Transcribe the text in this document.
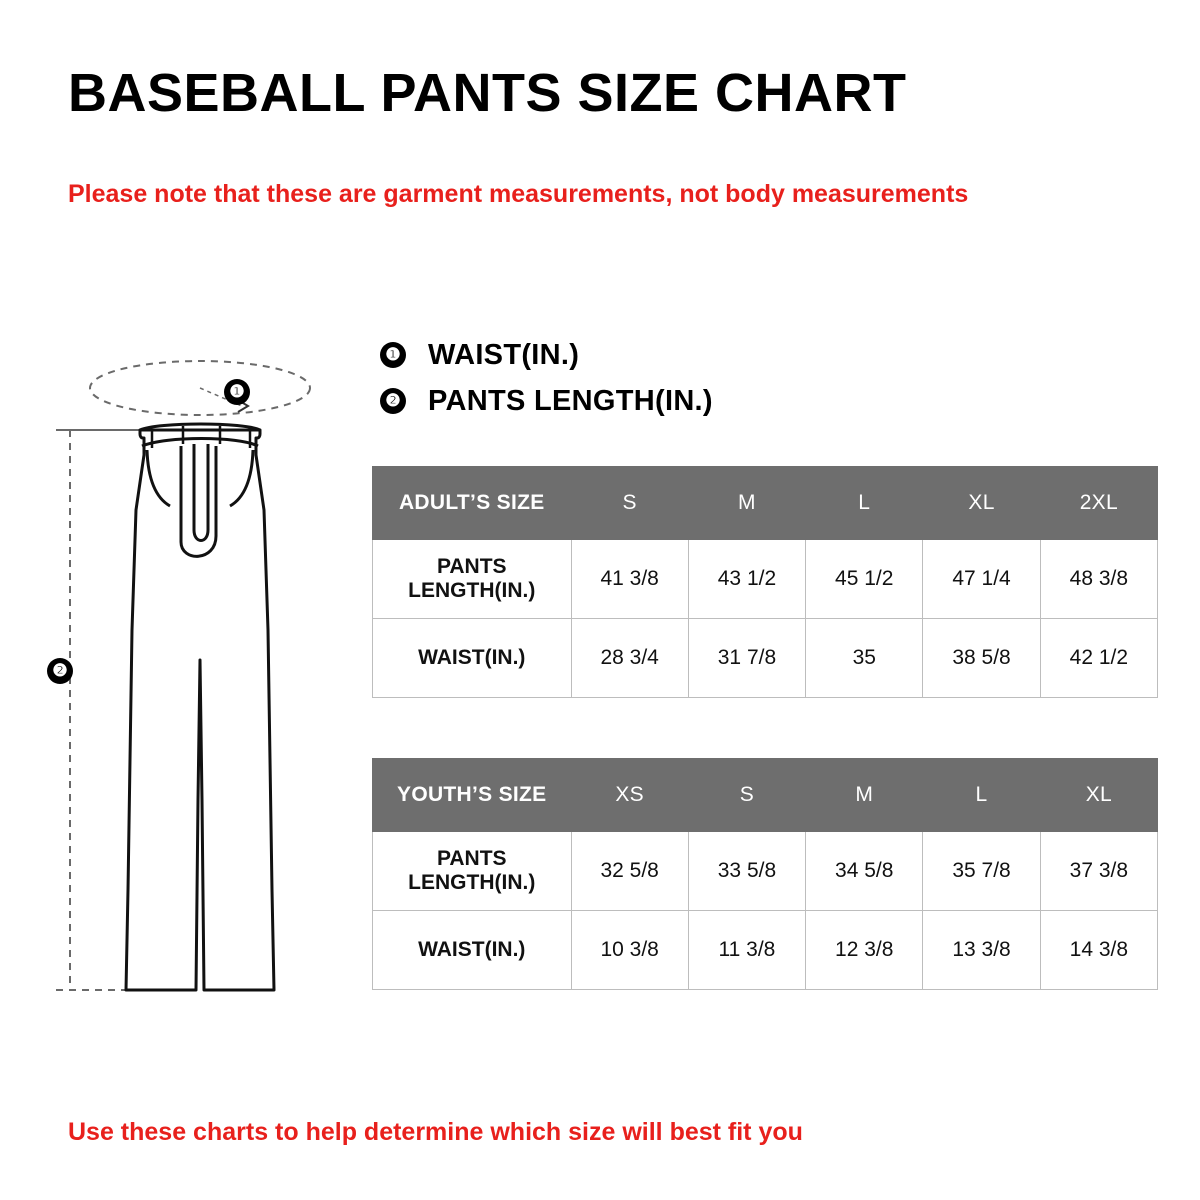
BASEBALL PANTS SIZE CHART
Please note that these are garment measurements, not body measurements
❶ WAIST(IN.)
❷ PANTS LENGTH(IN.)
❶
❷
ADULT’S SIZE	S	M	L	XL	2XL
PANTS LENGTH(IN.)	41 3/8	43 1/2	45 1/2	47 1/4	48 3/8
WAIST(IN.)	28 3/4	31 7/8	35	38 5/8	42 1/2
YOUTH’S SIZE	XS	S	M	L	XL
PANTS LENGTH(IN.)	32 5/8	33 5/8	34 5/8	35 7/8	37 3/8
WAIST(IN.)	10 3/8	11 3/8	12 3/8	13 3/8	14 3/8
Use these charts to help determine which size will best fit you
